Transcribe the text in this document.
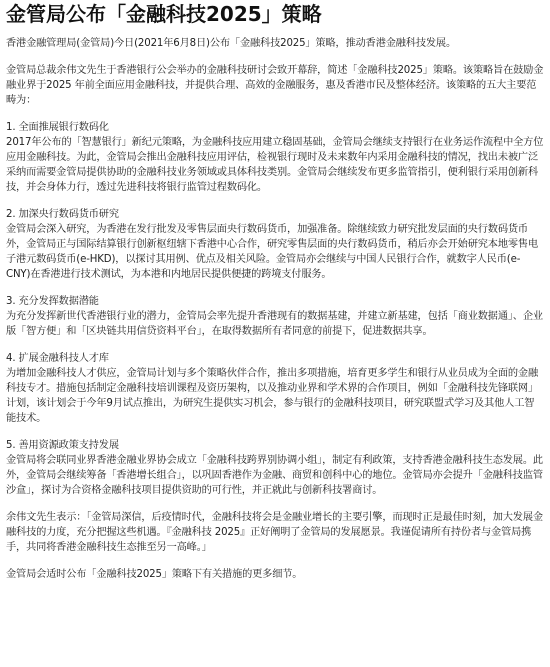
金管局公布「金融科技2025」策略

香港金融管理局(金管局)今日(2021年6月8日)公布「金融科技2025」策略，推动香港金融科技发展。

金管局总裁余伟文先生于香港银行公会举办的金融科技研讨会致开幕辞，简述「金融科技2025」策略。该策略旨在鼓励金融业界于2025 年前全面应用金融科技，并提供合理、高效的金融服务，惠及香港市民及整体经济。该策略的五大主要范畴为：

1. 全面推展银行数码化

2017年公布的「智慧银行」新纪元策略，为金融科技应用建立稳固基础，金管局会继续支持银行在业务运作流程中全方位应用金融科技。为此，金管局会推出金融科技应用评估，检视银行现时及未来数年内采用金融科技的情况，找出未被广泛采纳而需要金管局提供协助的金融科技业务领域或具体科技类别。金管局会继续发布更多监管指引，便利银行采用创新科技，并会身体力行，透过先进科技将银行监管过程数码化。

2. 加深央行数码货币研究

金管局会深入研究，为香港在发行批发及零售层面央行数码货币，加强准备。除继续致力研究批发层面的央行数码货币外，金管局正与国际结算银行创新枢纽辖下香港中心合作，研究零售层面的央行数码货币，稍后亦会开始研究本地零售电子港元数码货币(e-HKD)，以探讨其用例、优点及相关风险。金管局亦会继续与中国人民银行合作，就数字人民币(e-CNY)在香港进行技术测试，为本港和内地居民提供便捷的跨境支付服务。

3. 充分发挥数据潜能

为充分发挥新世代香港银行业的潜力，金管局会率先提升香港现有的数据基建，并建立新基建，包括「商业数据通」、企业版「智方便」和「区块链共用信贷资料平台」，在取得数据所有者同意的前提下，促进数据共享。

4. 扩展金融科技人才库

为增加金融科技人才供应，金管局计划与多个策略伙伴合作，推出多项措施，培育更多学生和银行从业员成为全面的金融科技专才。措施包括制定金融科技培训课程及资历架构，以及推动业界和学术界的合作项目，例如「金融科技先锋联网」计划，该计划会于今年9月试点推出，为研究生提供实习机会，参与银行的金融科技项目，研究联盟式学习及其他人工智能技术。

5. 善用资源政策支持发展

金管局将会联同业界香港金融业界协会成立「金融科技跨界别协调小组」，制定有利政策，支持香港金融科技生态发展。此外，金管局会继续筹备「香港增长组合」，以巩固香港作为金融、商贸和创科中心的地位。金管局亦会提升「金融科技监管沙盒」，探讨为合资格金融科技项目提供资助的可行性，并正就此与创新科技署商讨。

余伟文先生表示：「金管局深信，后疫情时代，金融科技将会是金融业增长的主要引擎，而现时正是最佳时刻，加大发展金融科技的力度，充分把握这些机遇。『金融科技 2025』正好阐明了金管局的发展愿景。我谨促请所有持份者与金管局携手，共同将香港金融科技生态推至另一高峰。」

金管局会适时公布「金融科技2025」策略下有关措施的更多细节。
